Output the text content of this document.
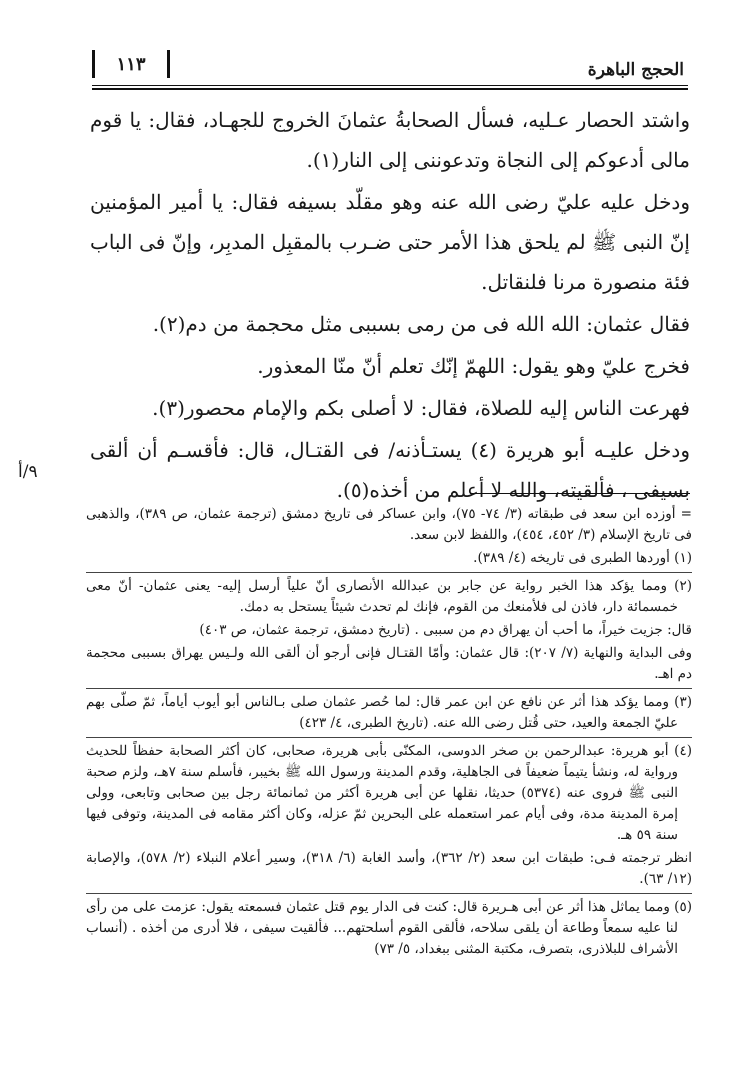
١١٣	الحجج الباهرة

واشتد الحصار عـليه، فسأل الصحابةُ عثمانَ الخروج للجهـاد، فقال: يا قوم مالى أدعوكم إلى النجاة وتدعوننى إلى النار(١).

ودخل عليه عليّ رضى الله عنه وهو مقلّد بسيفه فقال: يا أمير المؤمنين إنّ النبى ﷺ لم يلحق هذا الأمر حتى ضـرب بالمقبِل المدبِر، وإنّ فى الباب فئة منصورة مرنا فلنقاتل.

فقال عثمان: الله الله فى من رمى بسببى مثل محجمة من دم(٢).

فخرج عليّ وهو يقول: اللهمّ إنّك تعلم أنّ منّا المعذور.

فهرعت الناس إليه للصلاة، فقال: لا أصلى بكم والإمام محصور(٣).

ودخل عليـه أبو هريرة (٤) يستـأذنه/ فى القتـال، قال: فأقسـم أن ألقى بسيفى ، فألقيته، والله لا أعلم من أخذه(٥).

٩/أ

= أوزده ابن سعد فى طبقاته (٣/ ٧٤- ٧٥)، وابن عساكر فى تاريخ دمشق (ترجمة عثمان، ص ٣٨٩)، والذهبى فى تاريخ الإسلام (٣/ ٤٥٢، ٤٥٤)، واللفظ لابن سعد.

(١) أوردها الطبرى فى تاريخه (٤/ ٣٨٩).

(٢) ومما يؤكد هذا الخبر رواية عن جابر بن عبدالله الأنصارى أنّ علياً أرسل إليه- يعنى عثمان- أنّ معى خمسمائة دار، فاذن لى فلأمنعك من القوم، فإنك لم تحدث شيئاً يستحل به دمك.

قال: جزيت خيراً، ما أحب أن يهراق دم من سببى . (تاريخ دمشق، ترجمة عثمان، ص ٤٠٣)

وفى البداية والنهاية (٧/ ٢٠٧): قال عثمان: وأمّا القتـال فإنى أرجو أن ألقى الله ولـيس يهراق بسببى محجمة دم اهـ.

(٣) ومما يؤكد هذا أثر عن نافع عن ابن عمر قال: لما حُصر عثمان صلى بـالناس أبو أيوب أياماً، ثمّ صلّى بهم عليّ الجمعة والعيد، حتى قُتل رضى الله عنه. (تاريخ الطبرى، ٤/ ٤٢٣)

(٤) أبو هريرة: عبدالرحمن بن صخر الدوسى، المكنّى بأبى هريرة، صحابى، كان أكثر الصحابة حفظاً للحديث ورواية له، ونشأ يتيماً ضعيفاً فى الجاهلية، وقدم المدينة ورسول الله ﷺ بخيبر، فأسلم سنة ٧هـ، ولزم صحبة النبى ﷺ فروى عنه (٥٣٧٤) حديثا، نقلها عن أبى هريرة أكثر من ثمانمائة رجل بين صحابى وتابعى، وولى إمرة المدينة مدة، وفى أيام عمر استعمله على البحرين ثمّ عزله، وكان أكثر مقامه فى المدينة، وتوفى فيها سنة ٥٩ هـ.

انظر ترجمته فـى: طبقات ابن سعد (٢/ ٣٦٢)، وأسد الغابة (٦/ ٣١٨)، وسير أعلام النبلاء (٢/ ٥٧٨)، والإصابة (١٢/ ٦٣).

(٥) ومما يماثل هذا أثر عن أبى هـريرة قال: كنت فى الدار يوم قتل عثمان فسمعته يقول: عزمت على من رأى لنا عليه سمعاً وطاعة أن يلقى سلاحه، فألقى القوم أسلحتهم... فألقيت سيفى ، فلا أدرى من أخذه . (أنساب الأشراف للبلاذرى، بتصرف، مكتبة المثنى ببغداد، ٥/ ٧٣)
